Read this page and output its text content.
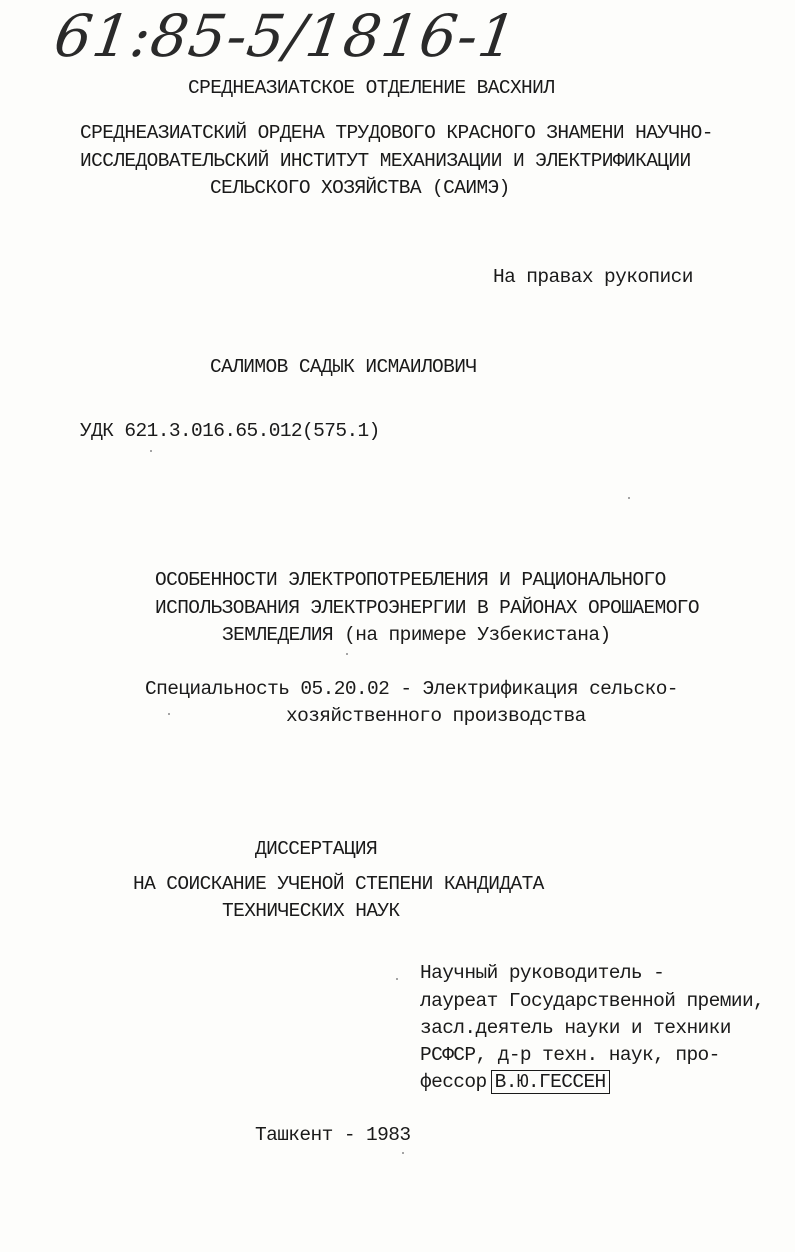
61:85-5/1816-1
СРЕДНЕАЗИАТСКОЕ ОТДЕЛЕНИЕ ВАСХНИЛ
СРЕДНЕАЗИАТСКИЙ ОРДЕНА ТРУДОВОГО КРАСНОГО ЗНАМЕНИ НАУЧНО-
ИССЛЕДОВАТЕЛЬСКИЙ ИНСТИТУТ МЕХАНИЗАЦИИ И ЭЛЕКТРИФИКАЦИИ
СЕЛЬСКОГО ХОЗЯЙСТВА (САИМЭ)
На правах рукописи
САЛИМОВ САДЫК ИСМАИЛОВИЧ
УДК 621.3.016.65.012(575.1)
ОСОБЕННОСТИ ЭЛЕКТРОПОТРЕБЛЕНИЯ И РАЦИОНАЛЬНОГО
ИСПОЛЬЗОВАНИЯ ЭЛЕКТРОЭНЕРГИИ В РАЙОНАХ ОРОШАЕМОГО
ЗЕМЛЕДЕЛИЯ (на примере Узбекистана)
Специальность 05.20.02 - Электрификация сельско-
хозяйственного производства
ДИССЕРТАЦИЯ
НА СОИСКАНИЕ УЧЕНОЙ СТЕПЕНИ КАНДИДАТА
ТЕХНИЧЕСКИХ НАУК
Научный руководитель -
лауреат Государственной премии,
засл.деятель науки и техники
РСФСР, д-р техн. наук, про-
фессор В.Ю.ГЕССЕН
Ташкент - 1983
